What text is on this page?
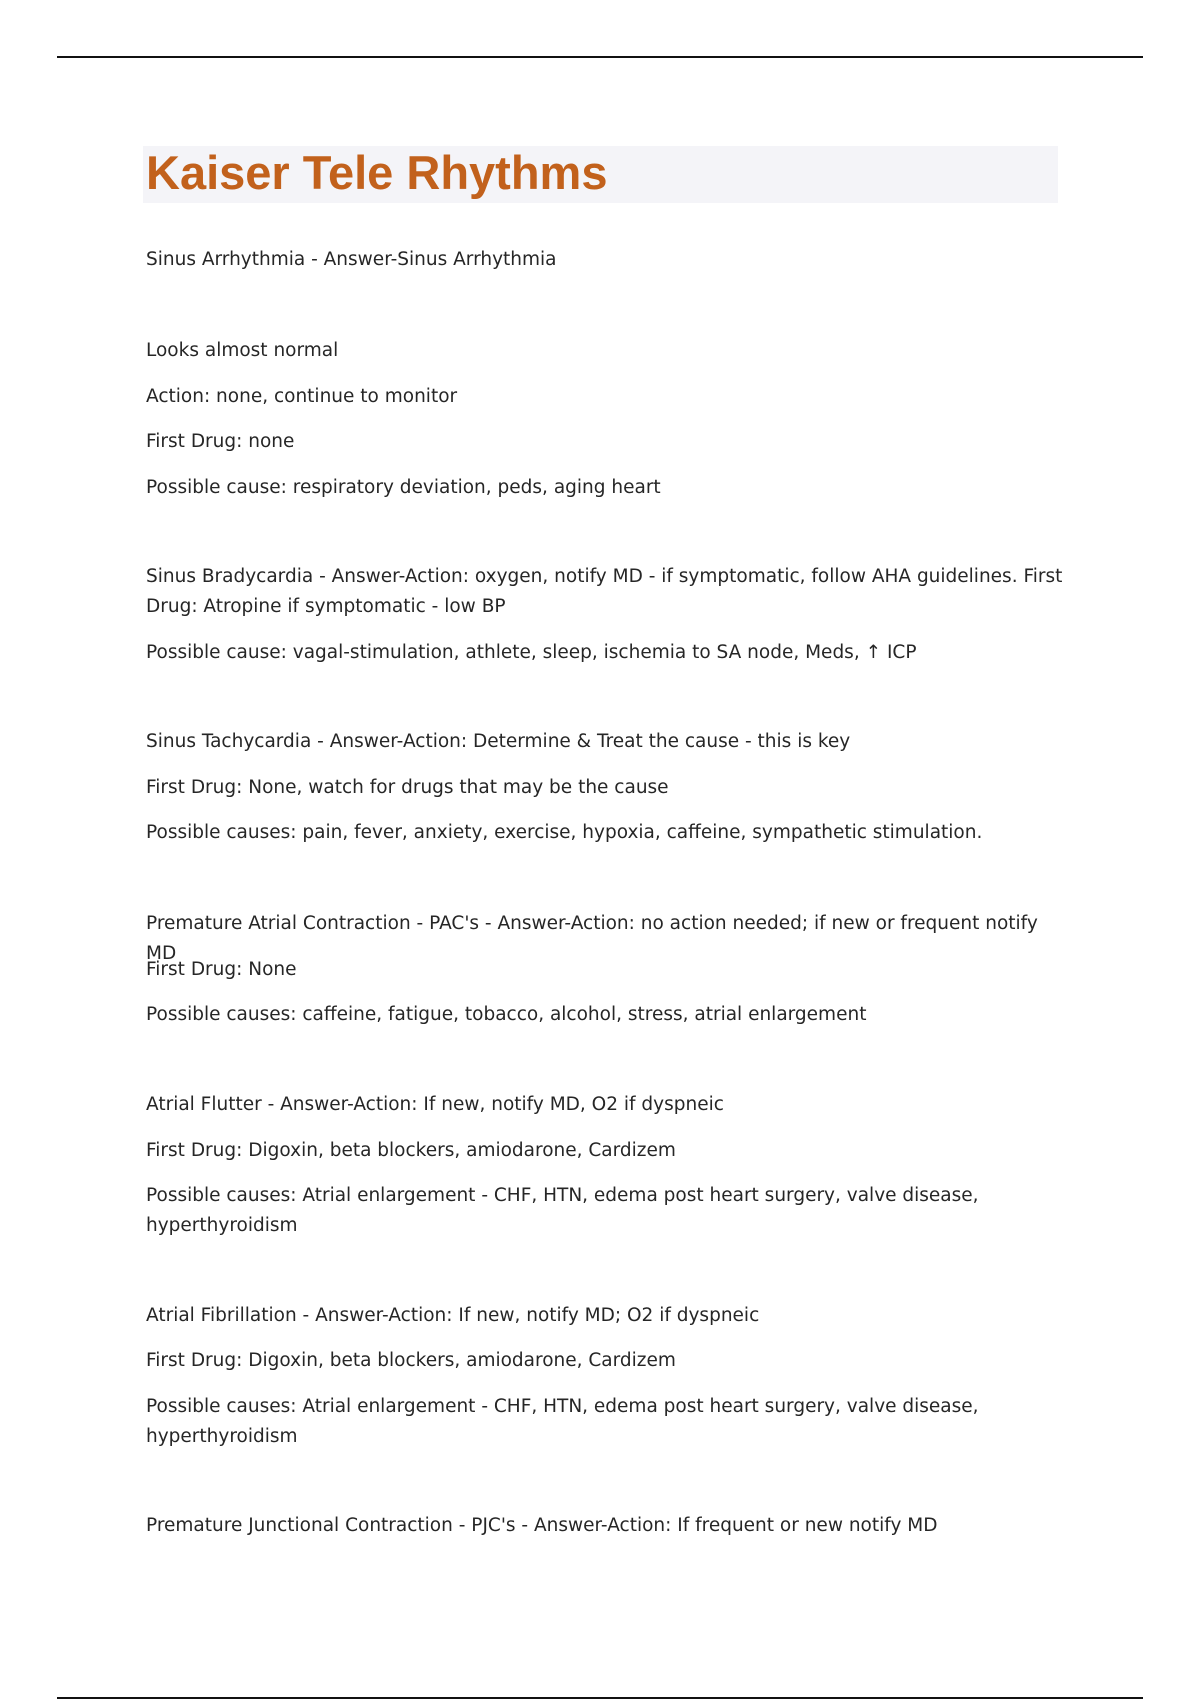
Kaiser Tele Rhythms

Sinus Arrhythmia - Answer-Sinus Arrhythmia

Looks almost normal

Action: none, continue to monitor

First Drug: none

Possible cause: respiratory deviation, peds, aging heart

Sinus Bradycardia - Answer-Action: oxygen, notify MD - if symptomatic, follow AHA guidelines. First Drug: Atropine if symptomatic - low BP

Possible cause: vagal-stimulation, athlete, sleep, ischemia to SA node, Meds, ↑ ICP

Sinus Tachycardia - Answer-Action: Determine & Treat the cause - this is key

First Drug: None, watch for drugs that may be the cause

Possible causes: pain, fever, anxiety, exercise, hypoxia, caffeine, sympathetic stimulation.

Premature Atrial Contraction - PAC's - Answer-Action: no action needed; if new or frequent notify MD

First Drug: None

Possible causes: caffeine, fatigue, tobacco, alcohol, stress, atrial enlargement

Atrial Flutter - Answer-Action: If new, notify MD, O2 if dyspneic

First Drug: Digoxin, beta blockers, amiodarone, Cardizem

Possible causes: Atrial enlargement - CHF, HTN, edema post heart surgery, valve disease, hyperthyroidism

Atrial Fibrillation - Answer-Action: If new, notify MD; O2 if dyspneic

First Drug: Digoxin, beta blockers, amiodarone, Cardizem

Possible causes: Atrial enlargement - CHF, HTN, edema post heart surgery, valve disease, hyperthyroidism

Premature Junctional Contraction - PJC's - Answer-Action: If frequent or new notify MD
